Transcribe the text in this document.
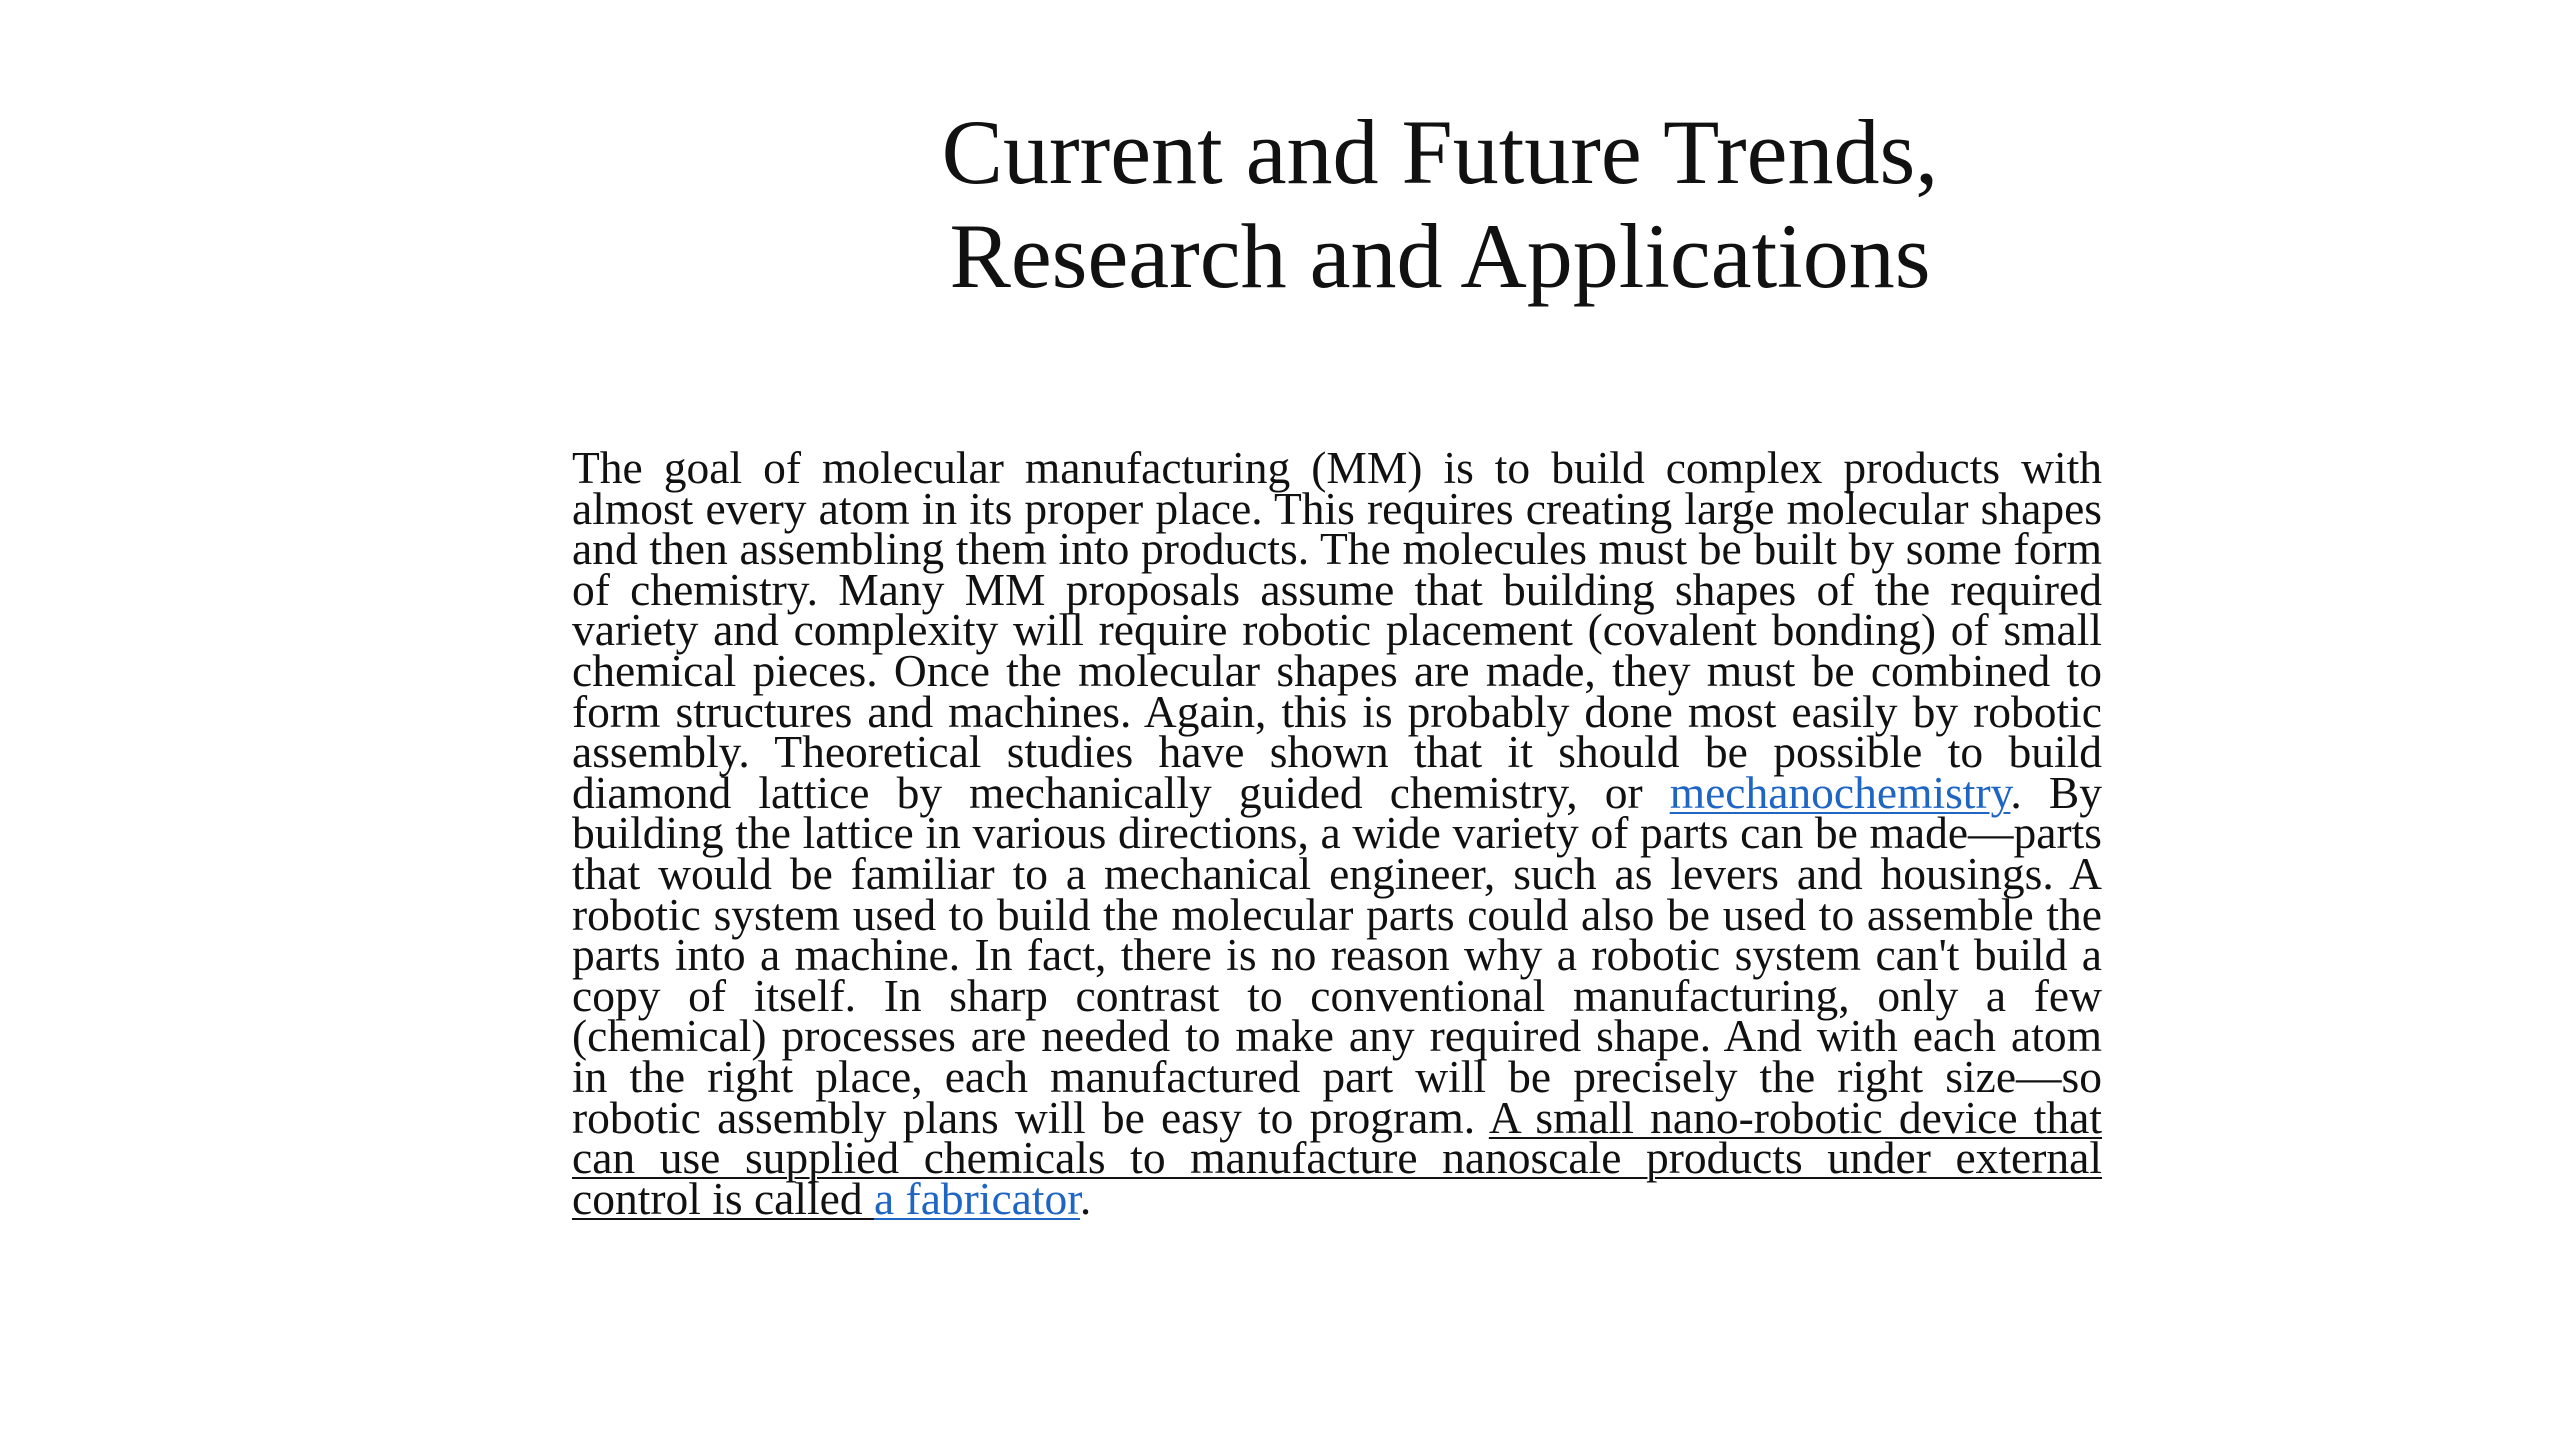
Current and Future Trends,
Research and Applications

The goal of molecular manufacturing (MM) is to build complex products with almost every atom in its proper place. This requires creating large molecular shapes and then assembling them into products. The molecules must be built by some form of chemistry. Many MM proposals assume that building shapes of the required variety and complexity will require robotic placement (covalent bonding) of small chemical pieces. Once the molecular shapes are made, they must be combined to form structures and machines. Again, this is probably done most easily by robotic assembly. Theoretical studies have shown that it should be possible to build diamond lattice by mechanically guided chemistry, or mechanochemistry. By building the lattice in various directions, a wide variety of parts can be made—parts that would be familiar to a mechanical engineer, such as levers and housings. A robotic system used to build the molecular parts could also be used to assemble the parts into a machine. In fact, there is no reason why a robotic system can't build a copy of itself. In sharp contrast to conventional manufacturing, only a few (chemical) processes are needed to make any required shape. And with each atom in the right place, each manufactured part will be precisely the right size—so robotic assembly plans will be easy to program. A small nano-robotic device that can use supplied chemicals to manufacture nanoscale products under external control is called a fabricator.
